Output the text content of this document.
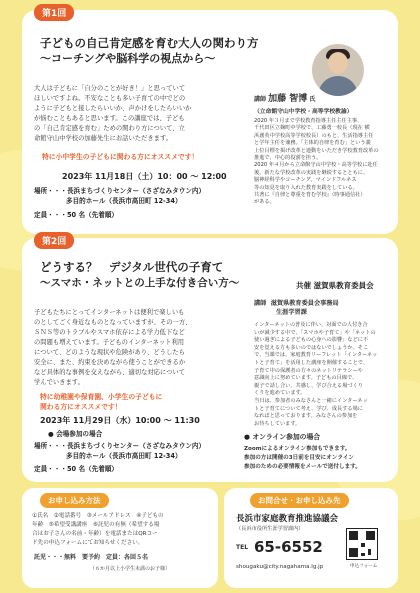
第1回
子どもの自己肯定感を育む大人の関わり方
～コーチングや脳科学の視点から～
大人は子どもに「自分のことが好き！」と思っていて
ほしいですよね。不安なことも多い子育ての中でどの
ように子どもと接したらいいか、声かけをしたらいいか
が悩むこともあると思います。この講座では、子ども
の「自己肯定感を育む」ための関わり方について、立
命館守山中学校の加藤先生にお話いただきます。
特に小中学生の子どもに関わる方にオススメです！
2023年 11月18日（土）10：00 ～ 12:00
場所・・・長浜まちづくりセンター（さざなみタウン内）
多目的ホール（長浜市高田町 12-34）
定員・・・50 名（先着順）
講師 加藤 智博 氏
（立命館守山中学校・高等学校教諭）
2020 年３月まで学校教育指導主任主任主事、
千代田区立麹町中学校で、工藤勇一校長（現在 横
浜創英中学校高等学校校長）のもと、生活指導主任
と学年主任を兼務。「主体的自律を育む」という義
上位目標を掲げ改革と連動をいただき学校教育改革の
推進で、中心的役割を担う。
2020 年４月から立命館守山中学校・高等学校に赴任
後、新たな学校改革の実践を継続するとともに、
脳神経科学やコーチング、マインドフルネス
等の知見を取り入れた教育実践をしている。
共著に『自律と尊重を育む学校』（時事通信社）
がある。
第2回
どうする？　デジタル世代の子育て
～スマホ・ネットとの上手な付き合い方～	共催 滋賀県教育委員会
子どもたちにとってインターネットは便利で楽しいも
のとしてごく身近なものとなっていますが、その一方、
ＳＮＳ等のトラブルやスマホ依存による学力低下など
の問題も増えています。子どものインターネット利用
について、どのような現状や危険があり、どうしたら
安全に、また、約束を決めながら使うことができるか
など具体的な事例を交えながら、適切な対応について
学んでいきます。
特に幼稚園や保育園、小学生の子どもに
関わる方にオススメです！
2023年 11月29日（水）10:00 ～ 11:30
● 会場参加の場合
場所・・・長浜まちづくりセンター（さざなみタウン内）
多目的ホール（長浜市高田町 12-34）
定員・・・50 名（先着順）
講師 滋賀県教育委員会事務局
生涯学習課
インターネットの普及に伴い、対面での人付き合
いが減少する中で、「スマホや子育て」や「ネットの
使い過ぎによる子どもの心身への影響」などに不
安を覚える方も多いのではないでしょうか。そこ
で、当課では、家庭教育リーフレット「インターネッ
トと子育て」を活用した講座を開催することで、
子育て中の保護者の方々のネットリテラシーや
意識向上に努めています。子どもの目線で、
親子で話し合い、共感し、学び合える場づくり
くりを進めています。
当日は、参加者のみなさんと一緒にインターネッ
トと子育てについて考え、学び、成長する場に
なればと思っております。みなさんの参加を
お待ちしています。
● オンライン参加の場合
Zoomによるオンライン参加もできます。
参加の方は開催の3日前を目安にオンライン
参加のための必要情報をメールで送付します。
お申し込み方法
①氏名　②電話番号　③メールアドレス　④子どもの
年齢　⑤希望受講講座　⑥託児の有無（希望する場
合はお子さんの名前・年齢）を電話またはQRコー
ド先の申込フォームにてお知らせください。
託児・・・無料　要予約　定員：各回５名
（６か月以上小学生未満のお子様）
お問合せ・お申し込み先
長浜市家庭教育推進協議会
（長浜市役所生涯学習課内）
TEL 65-6552
shougaku@city.nagahama.lg.jp	申込フォーム
